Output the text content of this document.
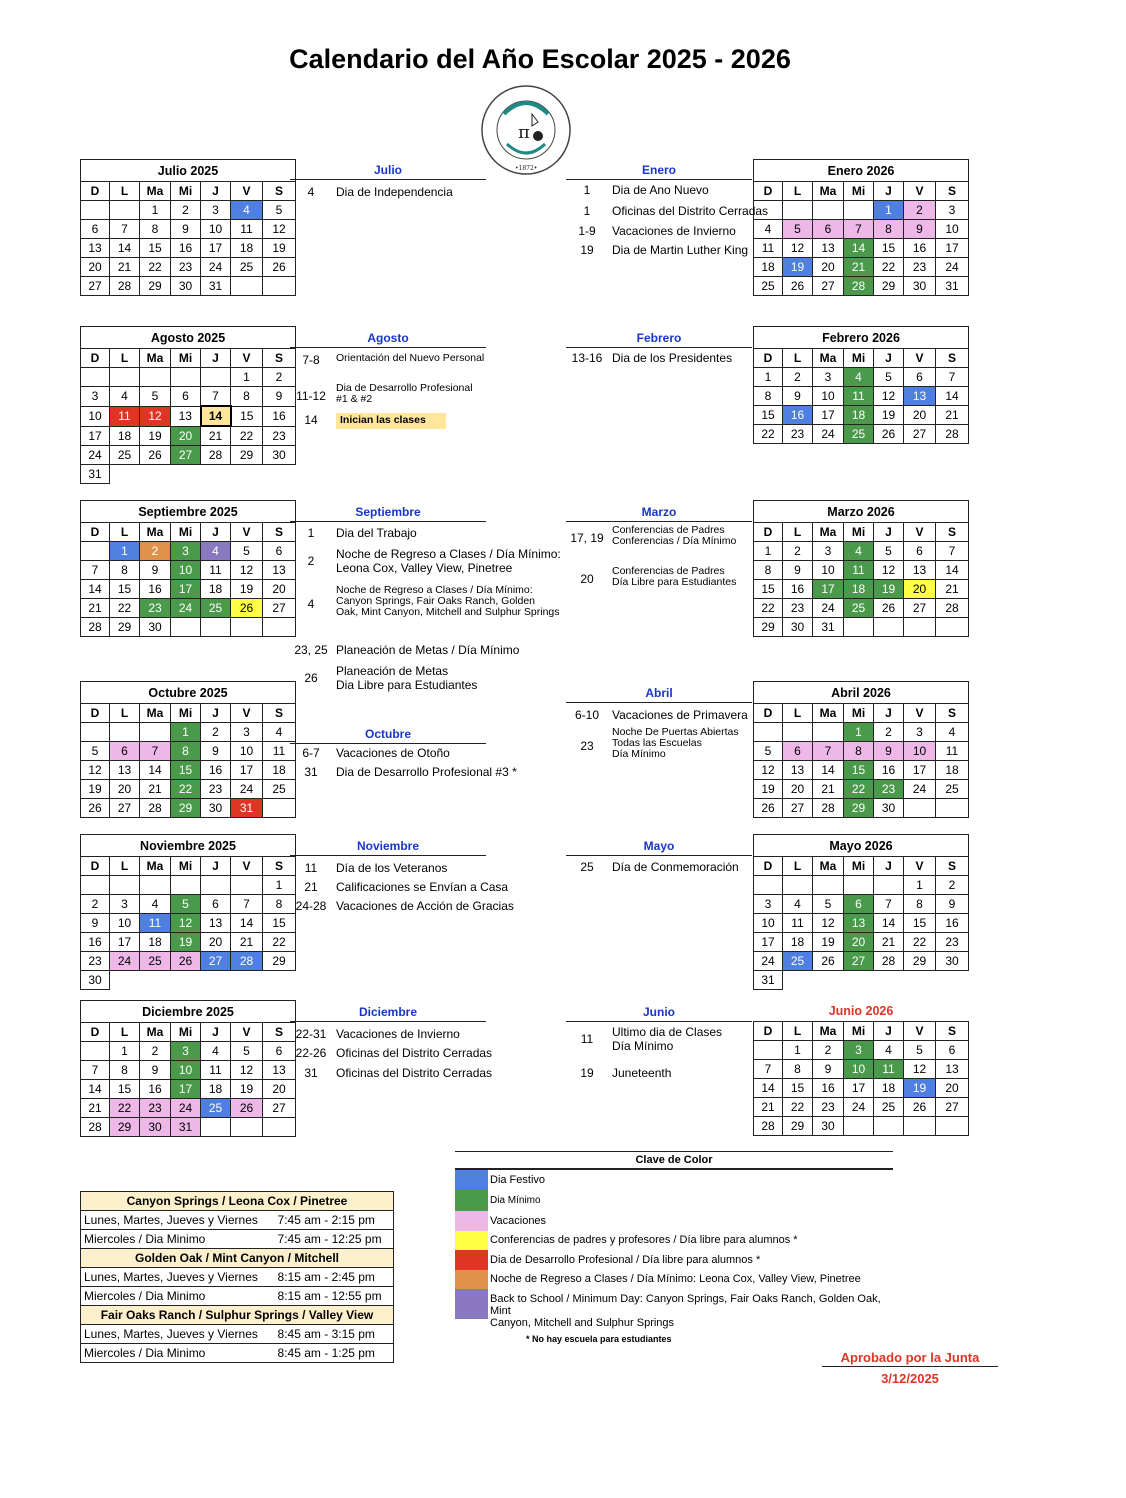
Calendario del Año Escolar 2025 - 2026
π
•1872•
Julio 2025						
D	L	Ma	Mi	J	V	S
		1	2	3	4	5
6	7	8	9	10	11	12
13	14	15	16	17	18	19
20	21	22	23	24	25	26
27	28	29	30	31		
Agosto 2025						
D	L	Ma	Mi	J	V	S
					1	2
3	4	5	6	7	8	9
10	11	12	13	14	15	16
17	18	19	20	21	22	23
24	25	26	27	28	29	30
31						
Septiembre 2025						
D	L	Ma	Mi	J	V	S
	1	2	3	4	5	6
7	8	9	10	11	12	13
14	15	16	17	18	19	20
21	22	23	24	25	26	27
28	29	30				
Octubre 2025						
D	L	Ma	Mi	J	V	S
			1	2	3	4
5	6	7	8	9	10	11
12	13	14	15	16	17	18
19	20	21	22	23	24	25
26	27	28	29	30	31	
Noviembre 2025						
D	L	Ma	Mi	J	V	S
						1
2	3	4	5	6	7	8
9	10	11	12	13	14	15
16	17	18	19	20	21	22
23	24	25	26	27	28	29
30						
Diciembre 2025						
D	L	Ma	Mi	J	V	S
	1	2	3	4	5	6
7	8	9	10	11	12	13
14	15	16	17	18	19	20
21	22	23	24	25	26	27
28	29	30	31			
Enero 2026						
D	L	Ma	Mi	J	V	S
				1	2	3
4	5	6	7	8	9	10
11	12	13	14	15	16	17
18	19	20	21	22	23	24
25	26	27	28	29	30	31
Febrero 2026						
D	L	Ma	Mi	J	V	S
1	2	3	4	5	6	7
8	9	10	11	12	13	14
15	16	17	18	19	20	21
22	23	24	25	26	27	28
Marzo 2026						
D	L	Ma	Mi	J	V	S
1	2	3	4	5	6	7
8	9	10	11	12	13	14
15	16	17	18	19	20	21
22	23	24	25	26	27	28
29	30	31				
Abril 2026						
D	L	Ma	Mi	J	V	S
			1	2	3	4
5	6	7	8	9	10	11
12	13	14	15	16	17	18
19	20	21	22	23	24	25
26	27	28	29	30		
Mayo 2026						
D	L	Ma	Mi	J	V	S
					1	2
3	4	5	6	7	8	9
10	11	12	13	14	15	16
17	18	19	20	21	22	23
24	25	26	27	28	29	30
31						
Junio 2026						
D	L	Ma	Mi	J	V	S
	1	2	3	4	5	6
7	8	9	10	11	12	13
14	15	16	17	18	19	20
21	22	23	24	25	26	27
28	29	30				
Julio
4	Dia de Independencia
Agosto
7-8	Orientación del Nuevo Personal
11-12
Dia de Desarrollo Profesional
#1 & #2
14	Inician las clases
Septiembre
1	Dia del Trabajo
2	Noche de Regreso a Clases / Día Mínimo:
Leona Cox, Valley View, Pinetree
4
Noche de Regreso a Clases / Día Mínimo:
Canyon Springs, Fair Oaks Ranch, Golden
Oak, Mint Canyon, Mitchell and Sulphur Springs
23, 25 Planeación de Metas / Día Mínimo
26	Planeación de Metas
Dia Libre para Estudiantes
Octubre
6-7	Vacaciones de Otoño
31	Dia de Desarrollo Profesional #3 *
Noviembre
11	Día de los Veteranos
21	Calificaciones se Envían a Casa
24-28 Vacaciones de Acción de Gracias
Diciembre
22-31 Vacaciones de Invierno
22-26 Oficinas del Distrito Cerradas
31	Oficinas del Distrito Cerradas
Enero
1	Dia de Ano Nuevo
1	Oficinas del Distrito Cerradas
1-9	Vacaciones de Invierno
19	Dia de Martin Luther King
Febrero
13-16 Dia de los Presidentes
Marzo
17, 19
Conferencias de Padres
Conferencias / Día Mínimo
20
Conferencias de Padres
Día Libre para Estudiantes
Abril
6-10	Vacaciones de Primavera
23
Noche De Puertas Abiertas
Todas las Escuelas
Día Mínimo
Mayo
25	Día de Conmemoración
Junio
11	Ultimo dia de Clases
Día Mínimo
19	Juneteenth
Canyon Springs / Leona Cox / Pinetree	
Lunes, Martes, Jueves y Viernes	7:45 am - 2:15 pm
Miercoles / Dia Minimo	7:45 am - 12:25 pm
Golden Oak / Mint Canyon / Mitchell	
Lunes, Martes, Jueves y Viernes	8:15 am - 2:45 pm
Miercoles / Dia Minimo	8:15 am - 12:55 pm
Fair Oaks Ranch / Sulphur Springs / Valley View	
Lunes, Martes, Jueves y Viernes	8:45 am - 3:15 pm
Miercoles / Dia Minimo	8:45 am - 1:25 pm
Clave de Color
Dia Festivo
Dia Mínimo
Vacaciones
Conferencias de padres y profesores / Día libre para alumnos *
Dia de Desarrollo Profesional / Día libre para alumnos *
Noche de Regreso a Clases / Día Mínimo: Leona Cox, Valley View, Pinetree
Back to School / Minimum Day: Canyon Springs, Fair Oaks Ranch, Golden Oak, Mint
Canyon, Mitchell and Sulphur Springs
* No hay escuela para estudiantes
Aprobado por la Junta
3/12/2025
